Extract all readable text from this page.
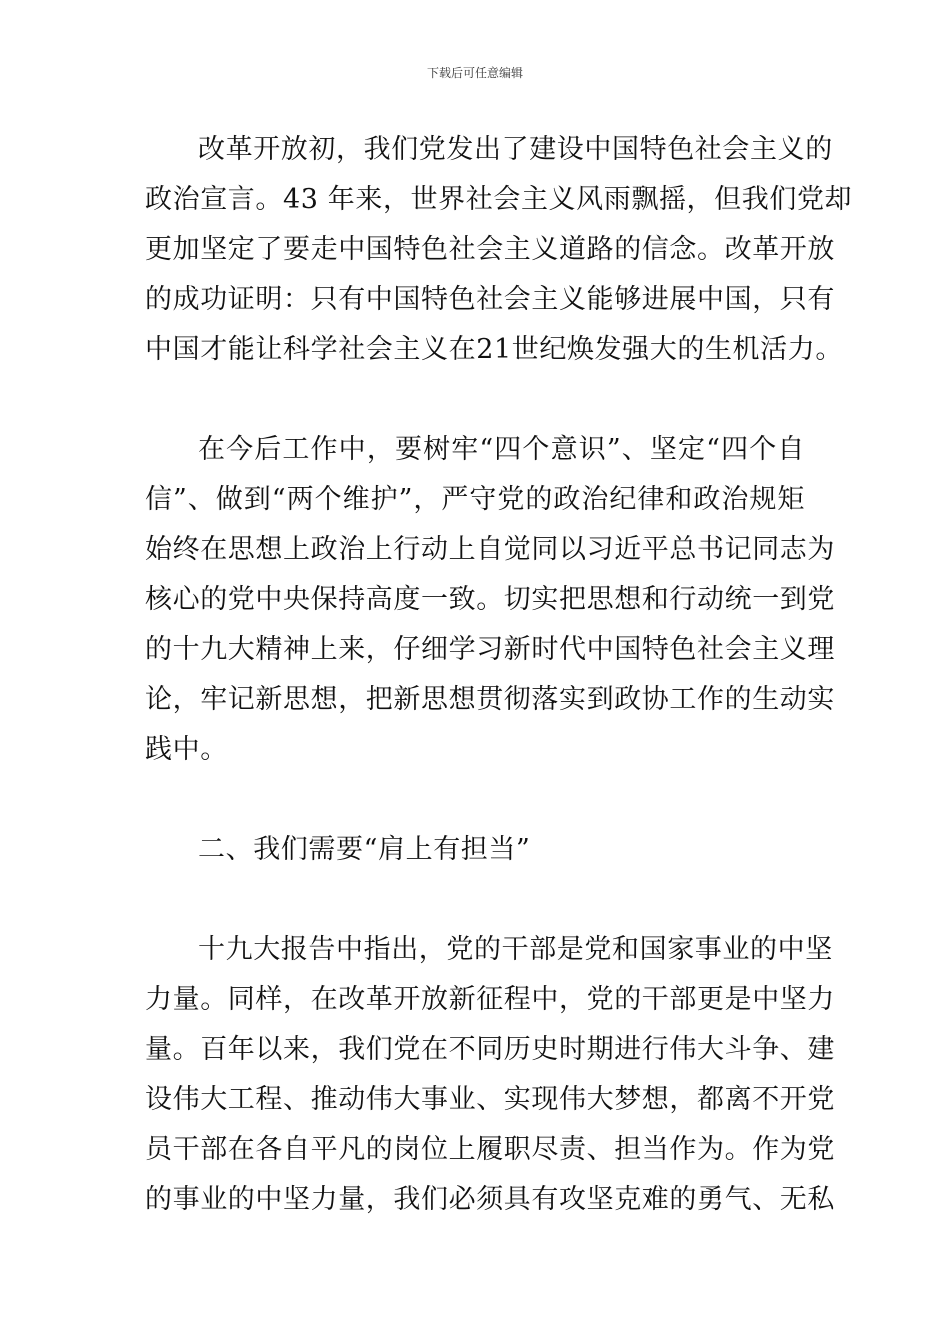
下载后可任意编辑
改革开放初，我们党发出了建设中国特色社会主义的
政治宣言。43 年来，世界社会主义风雨飘摇，但我们党却
更加坚定了要走中国特色社会主义道路的信念。改革开放
的成功证明：只有中国特色社会主义能够进展中国，只有
中国才能让科学社会主义在21世纪焕发强大的生机活力。
在今后工作中，要树牢“四个意识”、坚定“四个自
信”、做到“两个维护”，严守党的政治纪律和政治规矩
始终在思想上政治上行动上自觉同以习近平总书记同志为
核心的党中央保持高度一致。切实把思想和行动统一到党
的十九大精神上来，仔细学习新时代中国特色社会主义理
论，牢记新思想，把新思想贯彻落实到政协工作的生动实
践中。
二、我们需要“肩上有担当”
十九大报告中指出，党的干部是党和国家事业的中坚
力量。同样，在改革开放新征程中，党的干部更是中坚力
量。百年以来，我们党在不同历史时期进行伟大斗争、建
设伟大工程、推动伟大事业、实现伟大梦想，都离不开党
员干部在各自平凡的岗位上履职尽责、担当作为。作为党
的事业的中坚力量，我们必须具有攻坚克难的勇气、无私
